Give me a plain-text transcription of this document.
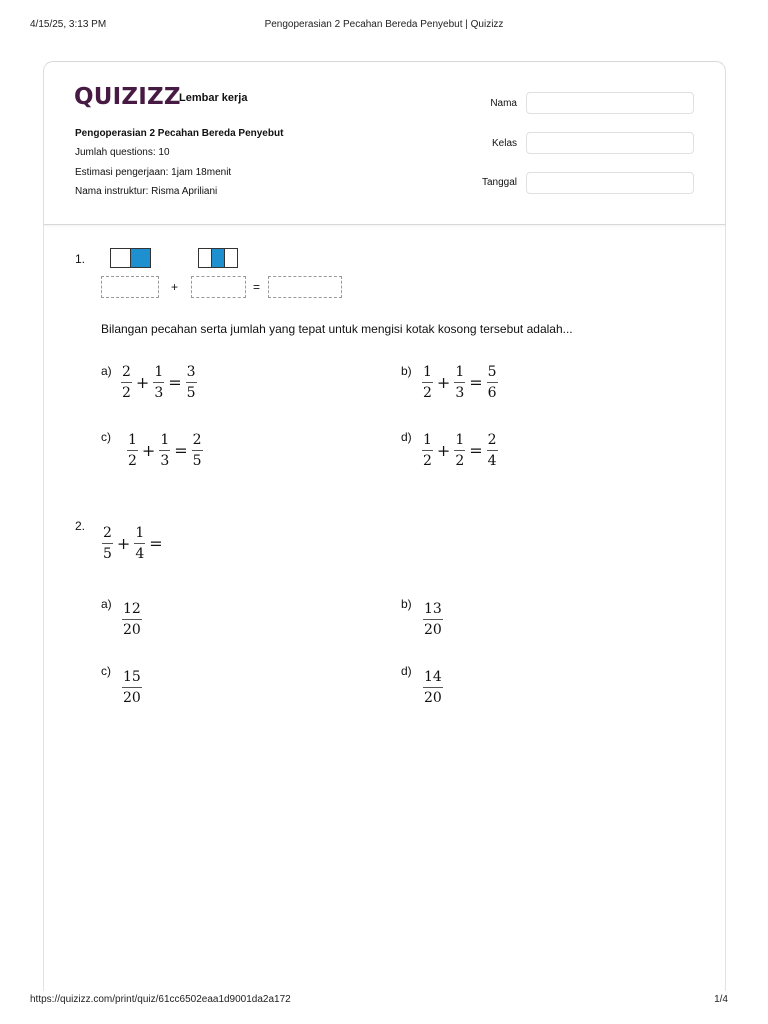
4/15/25, 3:13 PM	Pengoperasian 2 Pecahan Bereda Penyebut | Quizizz
QUIZIZZ
Lembar kerja
Pengoperasian 2 Pecahan Bereda Penyebut
Jumlah questions: 10
Estimasi pengerjaan: 1jam 18menit
Nama instruktur: Risma Apriliani
Nama
Kelas
Tanggal
1.
+	=
Bilangan pecahan serta jumlah yang tepat untuk mengisi kotak kosong tersebut adalah...
$a) \frac{2}{2} + \frac{1}{3} = \frac{3}{5}$	$b) \frac{1}{2} + \frac{1}{3} = \frac{5}{6}$
$c) \frac{1}{2} + \frac{1}{3} = \frac{2}{5}$	$d) \frac{1}{2} + \frac{1}{2} = \frac{2}{4}$
2. $\frac{2}{5} + \frac{1}{4}$ =
$a) \frac{12}{20}$	$b) \frac{13}{20}$
$c) \frac{15}{20}$	$d) \frac{14}{20}$
https://quizizz.com/print/quiz/61cc6502eaa1d9001da2a172	1/4
